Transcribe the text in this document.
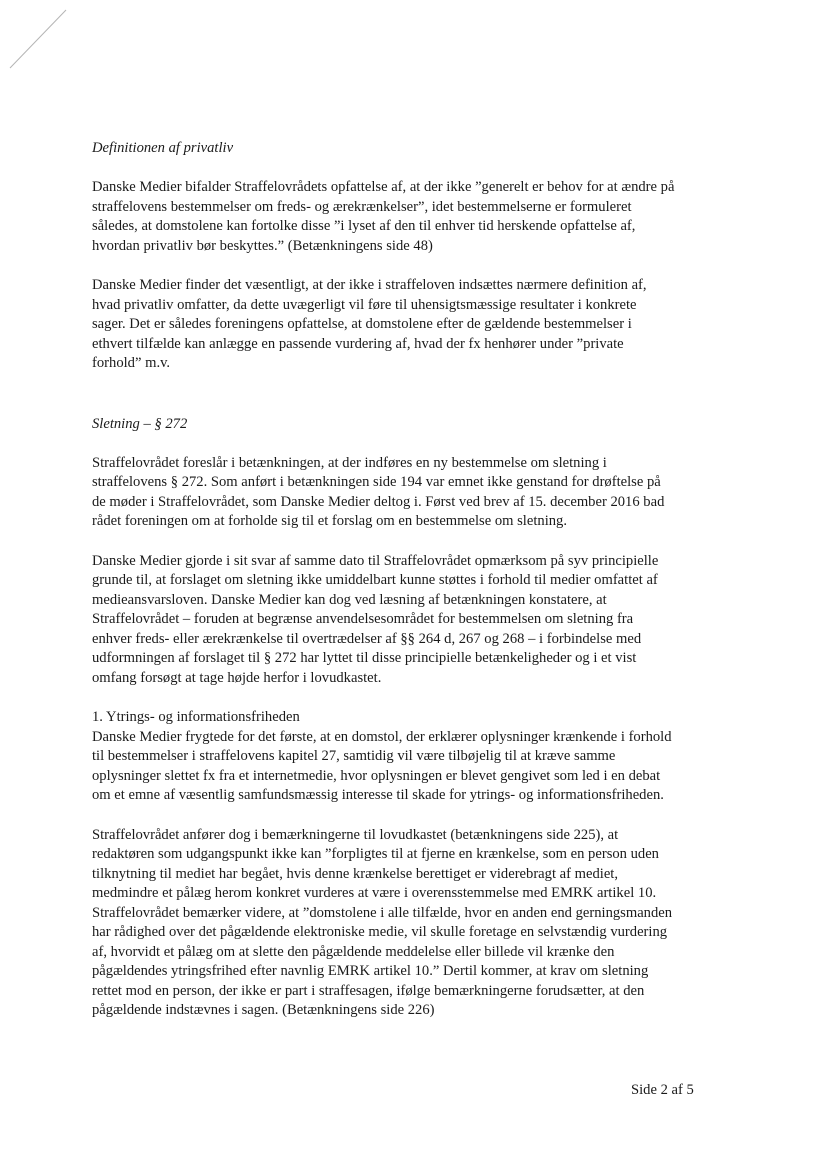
Definitionen af privatliv

Danske Medier bifalder Straffelovrådets opfattelse af, at der ikke ”generelt er behov for at ændre på
straffelovens bestemmelser om freds- og ærekrænkelser”, idet bestemmelserne er formuleret
således, at domstolene kan fortolke disse ”i lyset af den til enhver tid herskende opfattelse af,
hvordan privatliv bør beskyttes.” (Betænkningens side 48)

Danske Medier finder det væsentligt, at der ikke i straffeloven indsættes nærmere definition af,
hvad privatliv omfatter, da dette uvægerligt vil føre til uhensigtsmæssige resultater i konkrete
sager. Det er således foreningens opfattelse, at domstolene efter de gældende bestemmelser i
ethvert tilfælde kan anlægge en passende vurdering af, hvad der fx henhører under ”private
forhold” m.v.

Sletning – § 272

Straffelovrådet foreslår i betænkningen, at der indføres en ny bestemmelse om sletning i
straffelovens § 272. Som anført i betænkningen side 194 var emnet ikke genstand for drøftelse på
de møder i Straffelovrådet, som Danske Medier deltog i. Først ved brev af 15. december 2016 bad
rådet foreningen om at forholde sig til et forslag om en bestemmelse om sletning.

Danske Medier gjorde i sit svar af samme dato til Straffelovrådet opmærksom på syv principielle
grunde til, at forslaget om sletning ikke umiddelbart kunne støttes i forhold til medier omfattet af
medieansvarsloven. Danske Medier kan dog ved læsning af betænkningen konstatere, at
Straffelovrådet – foruden at begrænse anvendelsesområdet for bestemmelsen om sletning fra
enhver freds- eller ærekrænkelse til overtrædelser af §§ 264 d, 267 og 268 – i forbindelse med
udformningen af forslaget til § 272 har lyttet til disse principielle betænkeligheder og i et vist
omfang forsøgt at tage højde herfor i lovudkastet.

1. Ytrings- og informationsfriheden

Danske Medier frygtede for det første, at en domstol, der erklærer oplysninger krænkende i forhold
til bestemmelser i straffelovens kapitel 27, samtidig vil være tilbøjelig til at kræve samme
oplysninger slettet fx fra et internetmedie, hvor oplysningen er blevet gengivet som led i en debat
om et emne af væsentlig samfundsmæssig interesse til skade for ytrings- og informationsfriheden.

Straffelovrådet anfører dog i bemærkningerne til lovudkastet (betænkningens side 225), at
redaktøren som udgangspunkt ikke kan ”forpligtes til at fjerne en krænkelse, som en person uden
tilknytning til mediet har begået, hvis denne krænkelse berettiget er viderebragt af mediet,
medmindre et pålæg herom konkret vurderes at være i overensstemmelse med EMRK artikel 10.
Straffelovrådet bemærker videre, at ”domstolene i alle tilfælde, hvor en anden end gerningsmanden
har rådighed over det pågældende elektroniske medie, vil skulle foretage en selvstændig vurdering
af, hvorvidt et pålæg om at slette den pågældende meddelelse eller billede vil krænke den
pågældendes ytringsfrihed efter navnlig EMRK artikel 10.” Dertil kommer, at krav om sletning
rettet mod en person, der ikke er part i straffesagen, ifølge bemærkningerne forudsætter, at den
pågældende indstævnes i sagen. (Betænkningens side 226)

Side 2 af 5
